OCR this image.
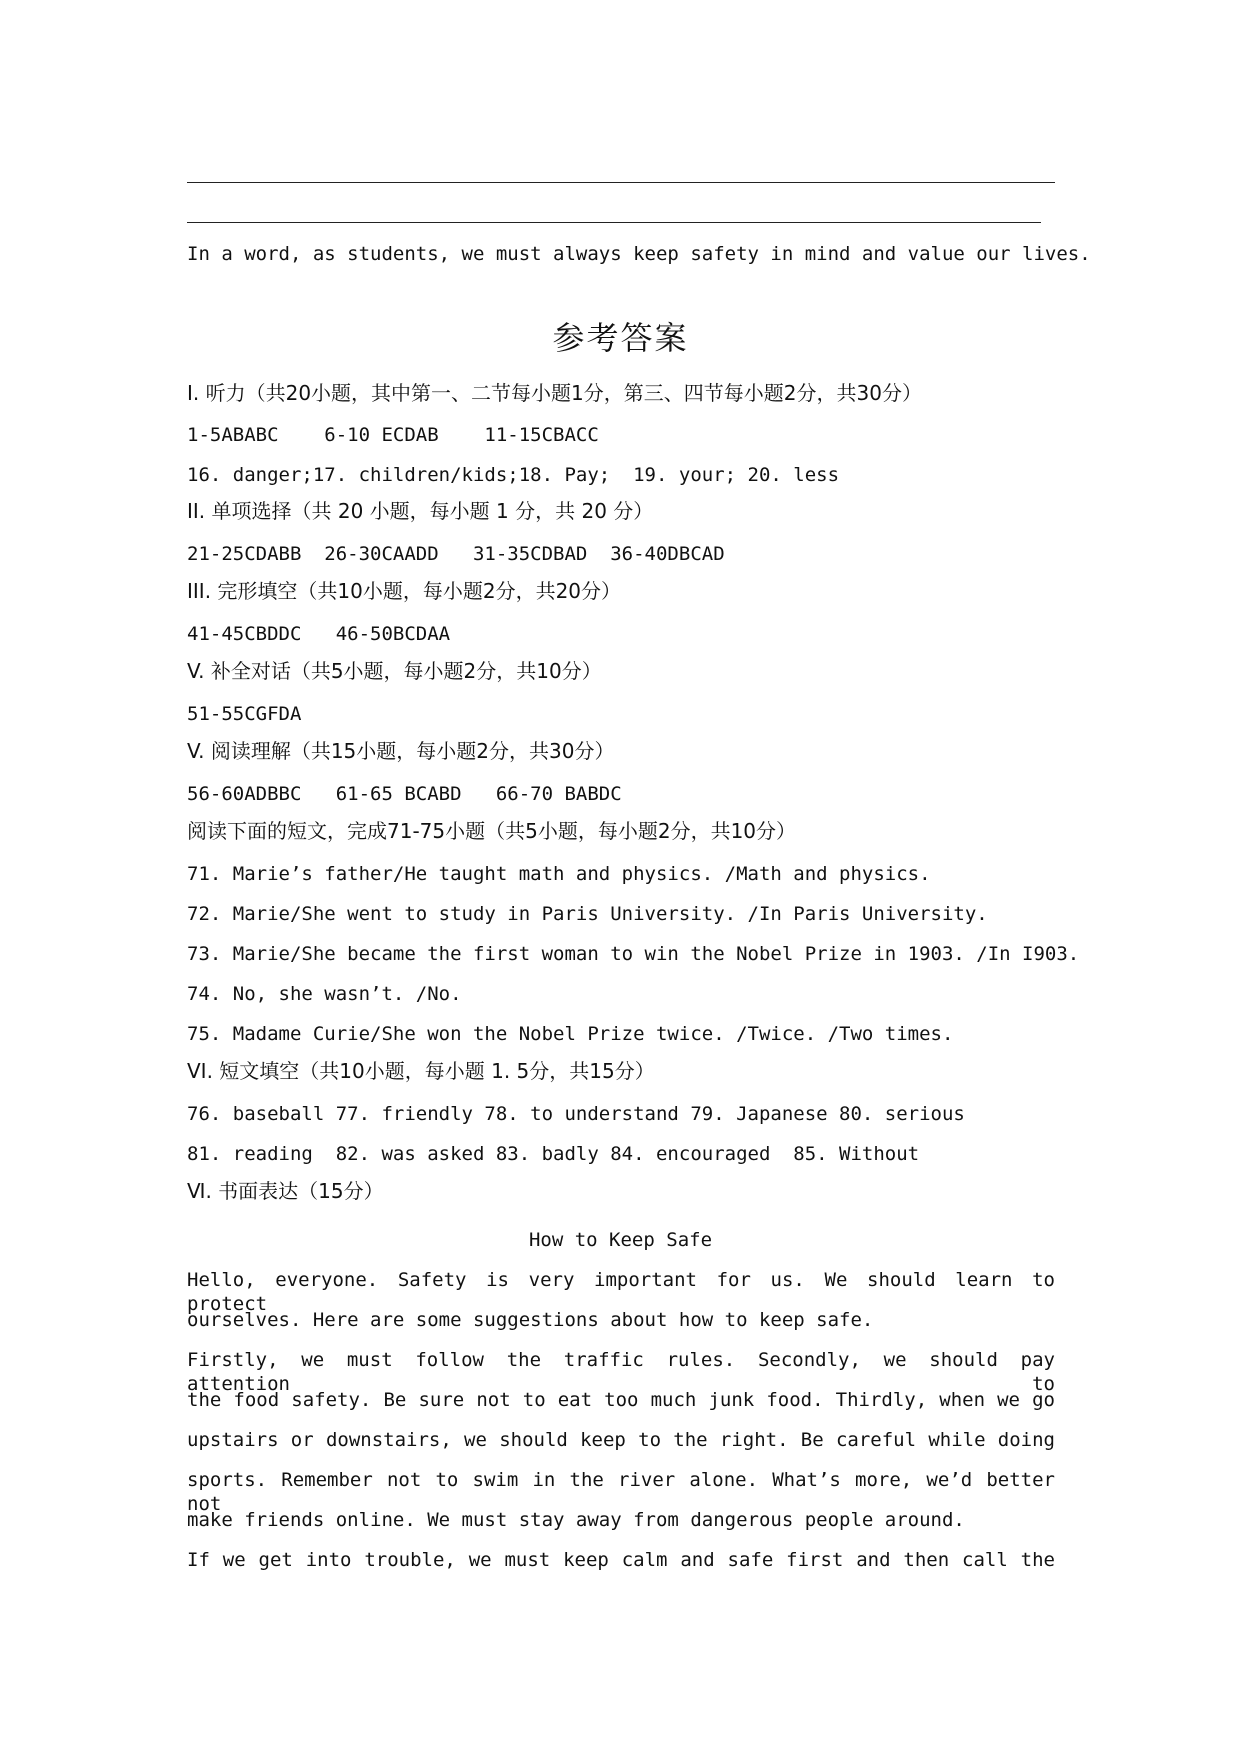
In a word, as students, we must always keep safety in mind and value our lives.
参考答案
I. 听力（共20小题，其中第一、二节每小题1分，第三、四节每小题2分，共30分）
1-5ABABC    6-10 ECDAB    11-15CBACC
16. danger;17. children/kids;18. Pay;  19. your; 20. less
II. 单项选择（共 20 小题，每小题 1 分，共 20 分）
21-25CDABB  26-30CAADD   31-35CDBAD  36-40DBCAD
III. 完形填空（共10小题，每小题2分，共20分）
41-45CBDDC   46-50BCDAA
V. 补全对话（共5小题，每小题2分，共10分）
51-55CGFDA
V. 阅读理解（共15小题，每小题2分，共30分）
56-60ADBBC   61-65 BCABD   66-70 BABDC
阅读下面的短文，完成71-75小题（共5小题，每小题2分，共10分）
71. Marie’s father/He taught math and physics. /Math and physics.
72. Marie/She went to study in Paris University. /In Paris University.
73. Marie/She became the first woman to win the Nobel Prize in 1903. /In I903.
74. No, she wasn’t. /No.
75. Madame Curie/She won the Nobel Prize twice. /Twice. /Two times.
VI. 短文填空（共10小题，每小题 1. 5分，共15分）
76. baseball 77. friendly 78. to understand 79. Japanese 80. serious
81. reading  82. was asked 83. badly 84. encouraged  85. Without
Ⅵ. 书面表达（15分）
How to Keep Safe
Hello, everyone. Safety is very important for us. We should learn to protect
ourselves. Here are some suggestions about how to keep safe.
Firstly, we must follow the traffic rules. Secondly, we should pay attention to
the food safety. Be sure not to eat too much junk food. Thirdly, when we go
upstairs or downstairs, we should keep to the right. Be careful while doing
sports. Remember not to swim in the river alone. What’s more, we’d better not
make friends online. We must stay away from dangerous people around.
If we get into trouble, we must keep calm and safe first and then call the
